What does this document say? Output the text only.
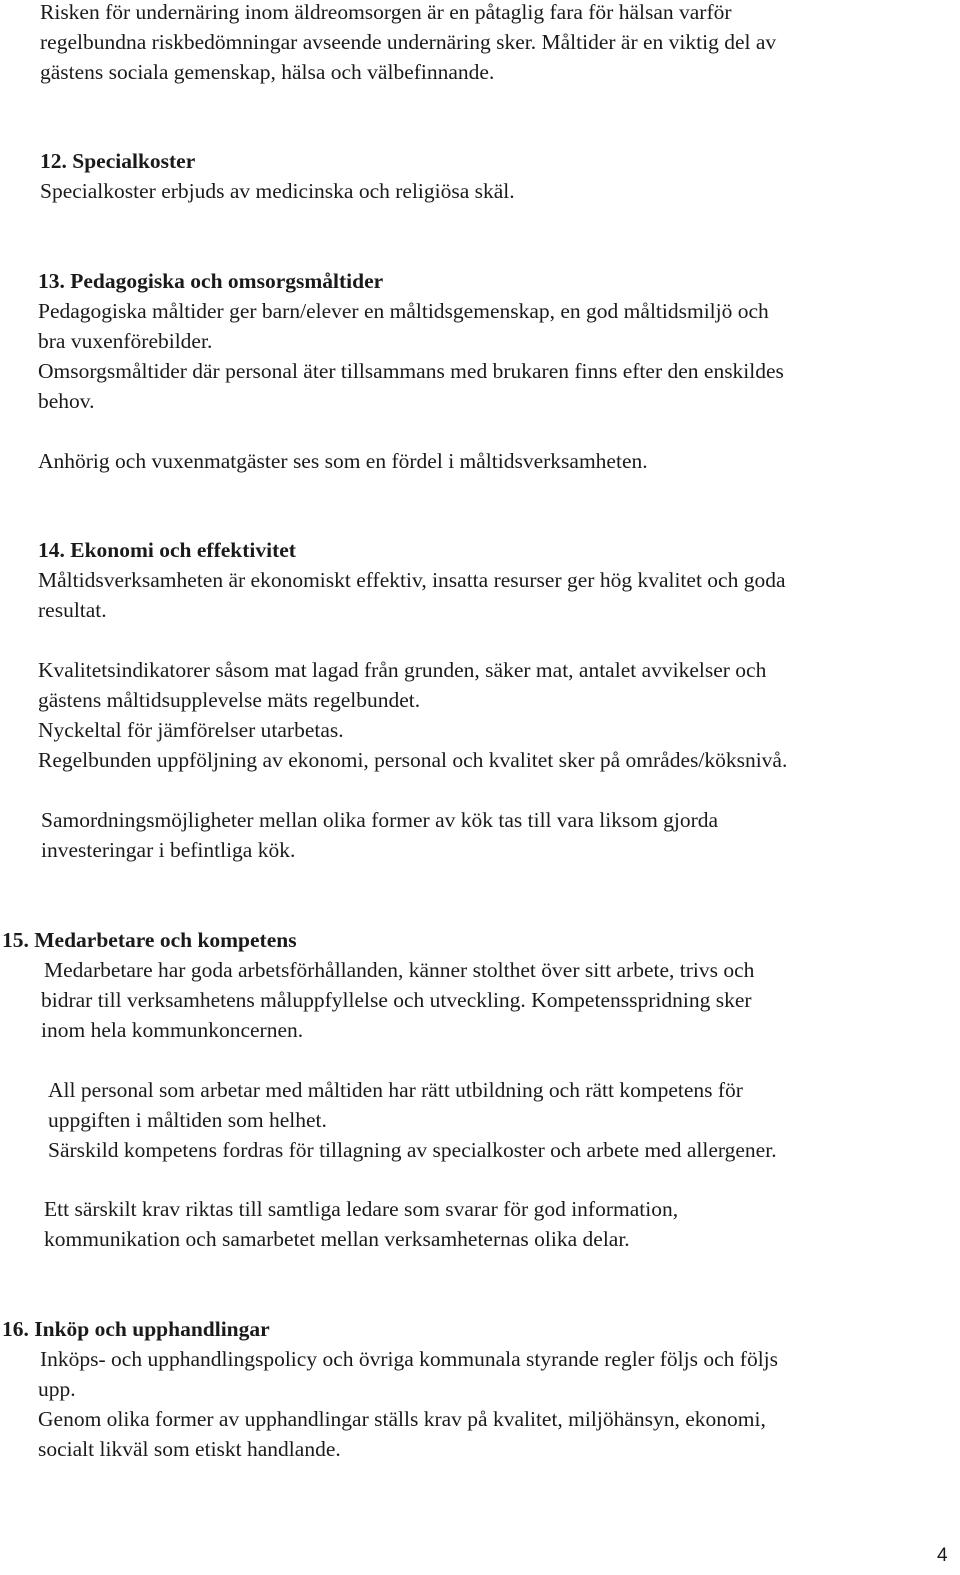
Risken för undernäring inom äldreomsorgen är en påtaglig fara för hälsan varför

regelbundna riskbedömningar avseende undernäring sker. Måltider är en viktig del av

gästens sociala gemenskap, hälsa och välbefinnande.

12. Specialkoster

Specialkoster erbjuds av medicinska och religiösa skäl.

13. Pedagogiska och omsorgsmåltider

Pedagogiska måltider ger barn/elever en måltidsgemenskap, en god måltidsmiljö och

bra vuxenförebilder.

Omsorgsmåltider där personal äter tillsammans med brukaren finns efter den enskildes

behov.

Anhörig och vuxenmatgäster ses som en fördel i måltidsverksamheten.

14. Ekonomi och effektivitet

Måltidsverksamheten är ekonomiskt effektiv, insatta resurser ger hög kvalitet och goda

resultat.

Kvalitetsindikatorer såsom mat lagad från grunden, säker mat, antalet avvikelser och

gästens måltidsupplevelse mäts regelbundet.

Nyckeltal för jämförelser utarbetas.

Regelbunden uppföljning av ekonomi, personal och kvalitet sker på områdes/köksnivå.

Samordningsmöjligheter mellan olika former av kök tas till vara liksom gjorda

investeringar i befintliga kök.

15. Medarbetare och kompetens

Medarbetare har goda arbetsförhållanden, känner stolthet över sitt arbete, trivs och

bidrar till verksamhetens måluppfyllelse och utveckling. Kompetensspridning sker

inom hela kommunkoncernen.

All personal som arbetar med måltiden har rätt utbildning och rätt kompetens för

uppgiften i måltiden som helhet.

Särskild kompetens fordras för tillagning av specialkoster och arbete med allergener.

Ett särskilt krav riktas till samtliga ledare som svarar för god information,

kommunikation och samarbetet mellan verksamheternas olika delar.

16. Inköp och upphandlingar

Inköps- och upphandlingspolicy och övriga kommunala styrande regler följs och följs

upp.

Genom olika former av upphandlingar ställs krav på kvalitet, miljöhänsyn, ekonomi,

socialt likväl som etiskt handlande.

4
